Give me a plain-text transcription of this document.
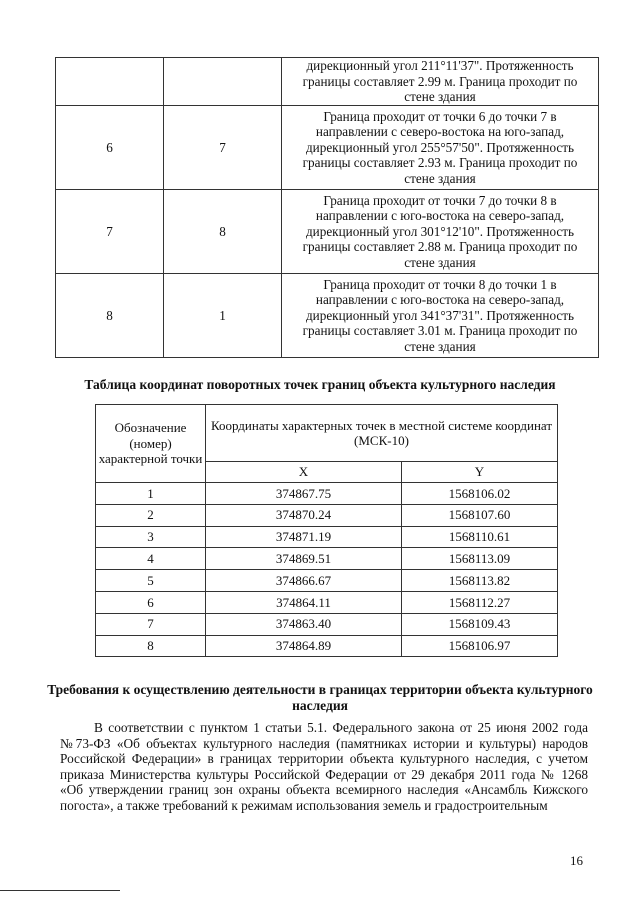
		дирекционный угол 211°11'37". Протяженность границы составляет 2.99 м. Граница проходит по стене здания
6	7	Граница проходит от точки 6 до точки 7 в направлении с северо-востока на юго-запад, дирекционный угол 255°57'50". Протяженность границы составляет 2.93 м. Граница проходит по стене здания
7	8	Граница проходит от точки 7 до точки 8 в направлении с юго-востока на северо-запад, дирекционный угол 301°12'10". Протяженность границы составляет 2.88 м. Граница проходит по стене здания
8	1	Граница проходит от точки 8 до точки 1 в направлении с юго-востока на северо-запад, дирекционный угол 341°37'31". Протяженность границы составляет 3.01 м. Граница проходит по стене здания
Таблица координат поворотных точек границ объекта культурного наследия
Обозначение (номер) характерной точки	Координаты характерных точек в местной системе координат (МСК-10)	
	X	Y
1	374867.75	1568106.02
2	374870.24	1568107.60
3	374871.19	1568110.61
4	374869.51	1568113.09
5	374866.67	1568113.82
6	374864.11	1568112.27
7	374863.40	1568109.43
8	374864.89	1568106.97
Требования к осуществлению деятельности в границах территории объекта культурного наследия
В соответствии с пунктом 1 статьи 5.1. Федерального закона от 25 июня 2002 года №73-ФЗ «Об объектах культурного наследия (памятниках истории и культуры) народов Российской Федерации» в границах территории объекта культурного наследия, с учетом приказа Министерства культуры Российской Федерации от 29 декабря 2011 года № 1268 «Об утверждении границ зон охраны объекта всемирного наследия «Ансамбль Кижского погоста», а также требований к режимам использования земель и градостроительным
16
